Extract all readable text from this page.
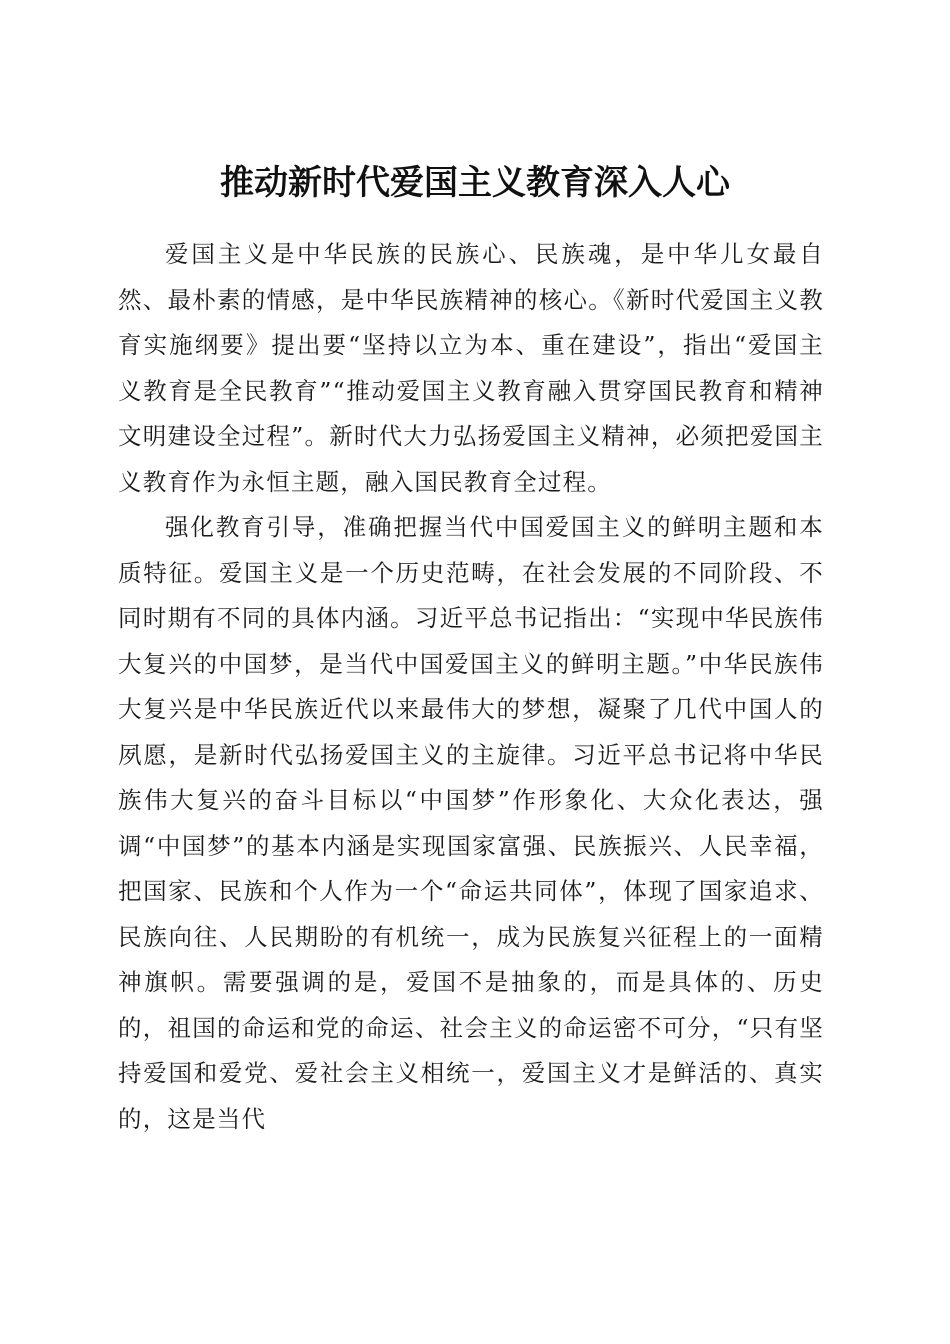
推动新时代爱国主义教育深入人心

爱国主义是中华民族的民族心、民族魂，是中华儿女最自然、最朴素的情感，是中华民族精神的核心。《新时代爱国主义教育实施纲要》提出要“坚持以立为本、重在建设”，指出“爱国主义教育是全民教育”“推动爱国主义教育融入贯穿国民教育和精神文明建设全过程”。新时代大力弘扬爱国主义精神，必须把爱国主义教育作为永恒主题，融入国民教育全过程。

强化教育引导，准确把握当代中国爱国主义的鲜明主题和本质特征。爱国主义是一个历史范畴，在社会发展的不同阶段、不同时期有不同的具体内涵。习近平总书记指出：“实现中华民族伟大复兴的中国梦，是当代中国爱国主义的鲜明主题。”中华民族伟大复兴是中华民族近代以来最伟大的梦想，凝聚了几代中国人的夙愿，是新时代弘扬爱国主义的主旋律。习近平总书记将中华民族伟大复兴的奋斗目标以“中国梦”作形象化、大众化表达，强调“中国梦”的基本内涵是实现国家富强、民族振兴、人民幸福，把国家、民族和个人作为一个“命运共同体”，体现了国家追求、民族向往、人民期盼的有机统一，成为民族复兴征程上的一面精神旗帜。需要强调的是，爱国不是抽象的，而是具体的、历史的，祖国的命运和党的命运、社会主义的命运密不可分，“只有坚持爱国和爱党、爱社会主义相统一，爱国主义才是鲜活的、真实的，这是当代
